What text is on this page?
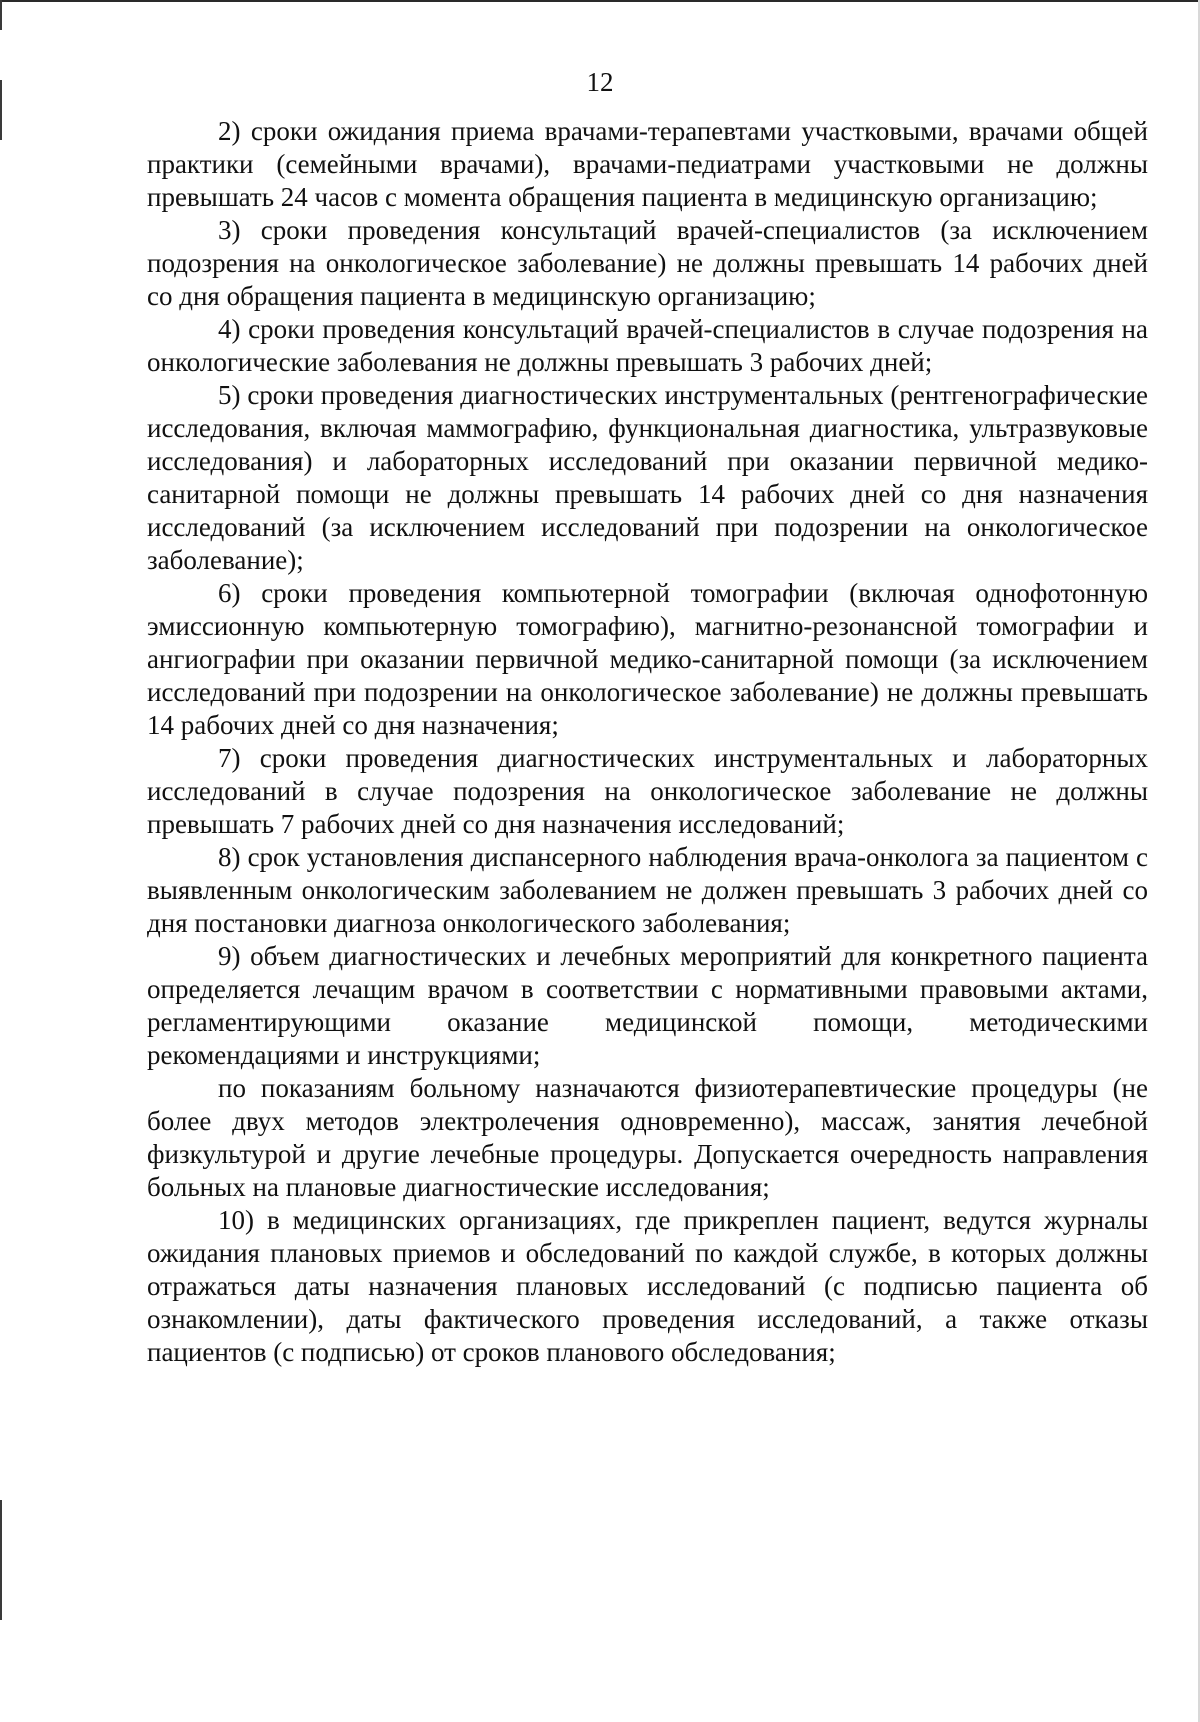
12

2) сроки ожидания приема врачами-терапевтами участковыми, врачами общей практики (семейными врачами), врачами-педиатрами участковыми не должны превышать 24 часов с момента обращения пациента в медицинскую организацию;

3) сроки проведения консультаций врачей-специалистов (за исключением подозрения на онкологическое заболевание) не должны превышать 14 рабочих дней со дня обращения пациента в медицинскую организацию;

4) сроки проведения консультаций врачей-специалистов в случае подозрения на онкологические заболевания не должны превышать 3 рабочих дней;

5) сроки проведения диагностических инструментальных (рентгенографические исследования, включая маммографию, функциональная диагностика, ультразвуковые исследования) и лабораторных исследований при оказании первичной медико-санитарной помощи не должны превышать 14 рабочих дней со дня назначения исследований (за исключением исследований при подозрении на онкологическое заболевание);

6) сроки проведения компьютерной томографии (включая однофотонную эмиссионную компьютерную томографию), магнитно-резонансной томографии и ангиографии при оказании первичной медико-санитарной помощи (за исключением исследований при подозрении на онкологическое заболевание) не должны превышать 14 рабочих дней со дня назначения;

7) сроки проведения диагностических инструментальных и лабораторных исследований в случае подозрения на онкологическое заболевание не должны превышать 7 рабочих дней со дня назначения исследований;

8) срок установления диспансерного наблюдения врача-онколога за пациентом с выявленным онкологическим заболеванием не должен превышать 3 рабочих дней со дня постановки диагноза онкологического заболевания;

9) объем диагностических и лечебных мероприятий для конкретного пациента определяется лечащим врачом в соответствии с нормативными правовыми актами, регламентирующими оказание медицинской помощи, методическими рекомендациями и инструкциями;

по показаниям больному назначаются физиотерапевтические процедуры (не более двух методов электролечения одновременно), массаж, занятия лечебной физкультурой и другие лечебные процедуры. Допускается очередность направления больных на плановые диагностические исследования;

10) в медицинских организациях, где прикреплен пациент, ведутся журналы ожидания плановых приемов и обследований по каждой службе, в которых должны отражаться даты назначения плановых исследований (с подписью пациента об ознакомлении), даты фактического проведения исследований, а также отказы пациентов (с подписью) от сроков планового обследования;
